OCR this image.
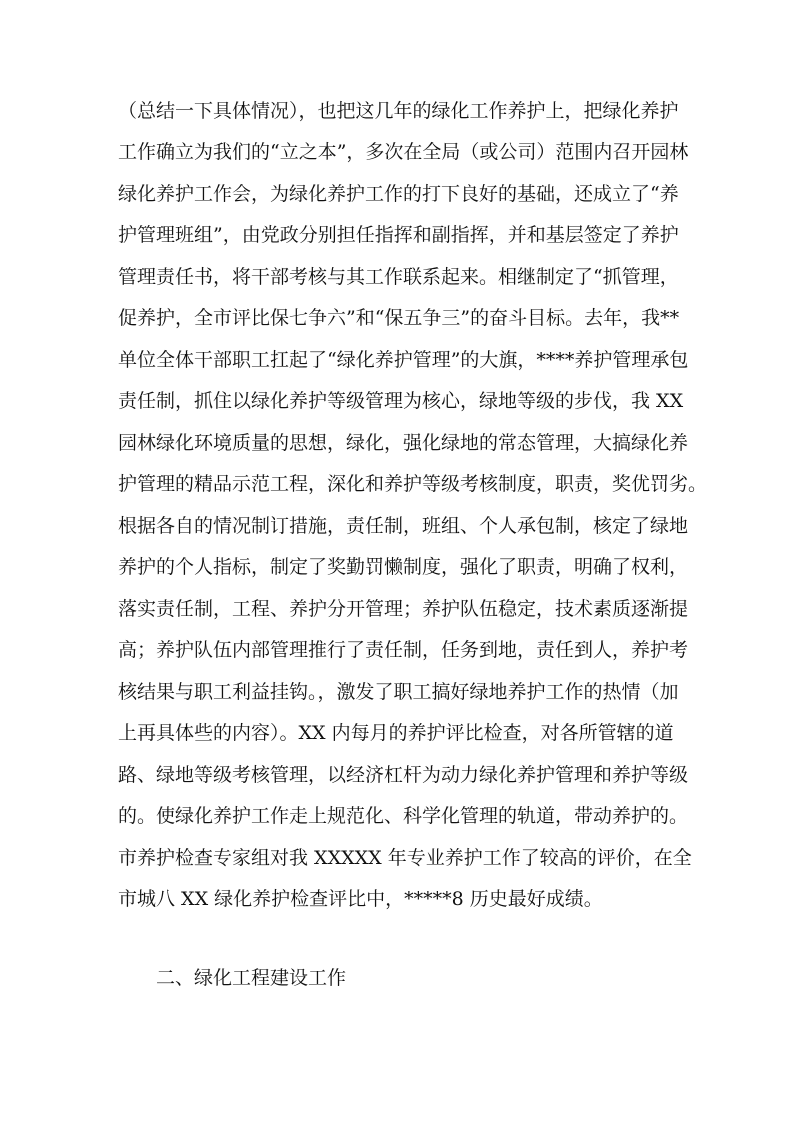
（总结一下具体情况），也把这几年的绿化工作养护上，把绿化养护
工作确立为我们的“立之本”，多次在全局（或公司）范围内召开园林
绿化养护工作会，为绿化养护工作的打下良好的基础，还成立了“养
护管理班组”，由党政分别担任指挥和副指挥，并和基层签定了养护
管理责任书，将干部考核与其工作联系起来。相继制定了“抓管理，
促养护，全市评比保七争六”和“保五争三”的奋斗目标。去年，我**
单位全体干部职工扛起了“绿化养护管理”的大旗，****养护管理承包
责任制，抓住以绿化养护等级管理为核心，绿地等级的步伐，我 XX
园林绿化环境质量的思想，绿化，强化绿地的常态管理，大搞绿化养
护管理的精品示范工程，深化和养护等级考核制度，职责，奖优罚劣。
根据各自的情况制订措施，责任制，班组、个人承包制，核定了绿地
养护的个人指标，制定了奖勤罚懒制度，强化了职责，明确了权利，
落实责任制，工程、养护分开管理；养护队伍稳定，技术素质逐渐提
高；养护队伍内部管理推行了责任制，任务到地，责任到人，养护考
核结果与职工利益挂钩。，激发了职工搞好绿地养护工作的热情（加
上再具体些的内容）。XX 内每月的养护评比检查，对各所管辖的道
路、绿地等级考核管理，以经济杠杆为动力绿化养护管理和养护等级
的。使绿化养护工作走上规范化、科学化管理的轨道，带动养护的。
市养护检查专家组对我 XXXXX 年专业养护工作了较高的评价，在全
市城八 XX 绿化养护检查评比中，*****8 历史最好成绩。
二、绿化工程建设工作
